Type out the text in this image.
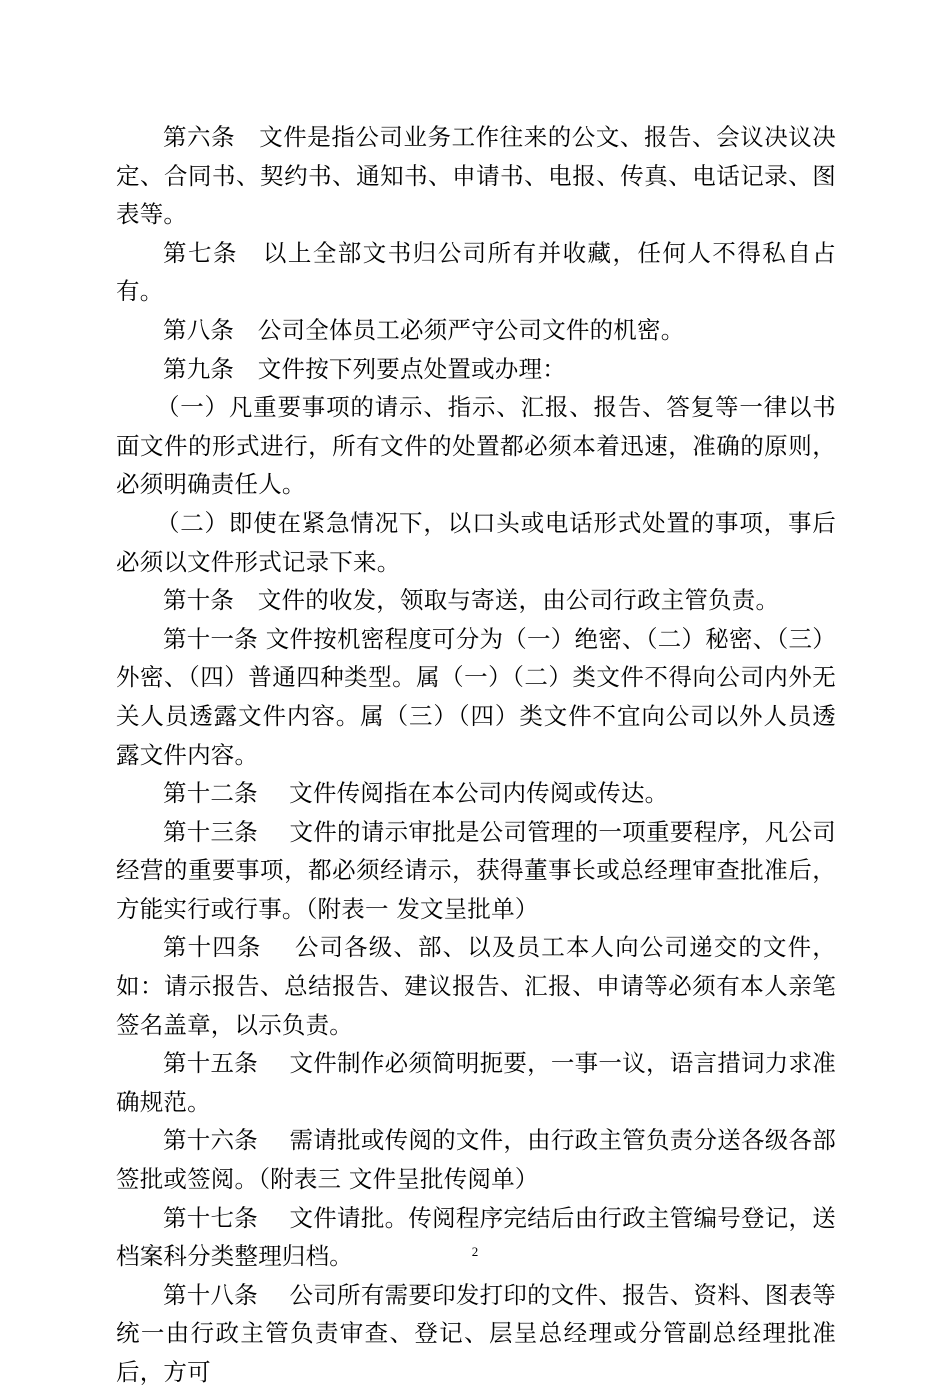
第六条　文件是指公司业务工作往来的公文、报告、会议决议决定、合同书、契约书、通知书、申请书、电报、传真、电话记录、图表等。

第七条　以上全部文书归公司所有并收藏，任何人不得私自占有。

第八条　公司全体员工必须严守公司文件的机密。

第九条　文件按下列要点处置或办理：

（一）凡重要事项的请示、指示、汇报、报告、答复等一律以书面文件的形式进行，所有文件的处置都必须本着迅速，准确的原则，必须明确责任人。

（二）即使在紧急情况下，以口头或电话形式处置的事项，事后必须以文件形式记录下来。

第十条　文件的收发，领取与寄送，由公司行政主管负责。

第十一条 文件按机密程度可分为（一）绝密、（二）秘密、（三）外密、（四）普通四种类型。属（一）（二）类文件不得向公司内外无关人员透露文件内容。属（三）（四）类文件不宜向公司以外人员透露文件内容。

第十二条　 文件传阅指在本公司内传阅或传达。

第十三条　 文件的请示审批是公司管理的一项重要程序，凡公司经营的重要事项，都必须经请示，获得董事长或总经理审查批准后，方能实行或行事。（附表一 发文呈批单）

第十四条　 公司各级、部、以及员工本人向公司递交的文件，如：请示报告、总结报告、建议报告、汇报、申请等必须有本人亲笔签名盖章，以示负责。

第十五条　 文件制作必须简明扼要，一事一议，语言措词力求准确规范。

第十六条　 需请批或传阅的文件，由行政主管负责分送各级各部签批或签阅。（附表三 文件呈批传阅单）

第十七条　 文件请批。传阅程序完结后由行政主管编号登记，送档案科分类整理归档。

第十八条　 公司所有需要印发打印的文件、报告、资料、图表等统一由行政主管负责审查、登记、层呈总经理或分管副总经理批准后，方可

2
